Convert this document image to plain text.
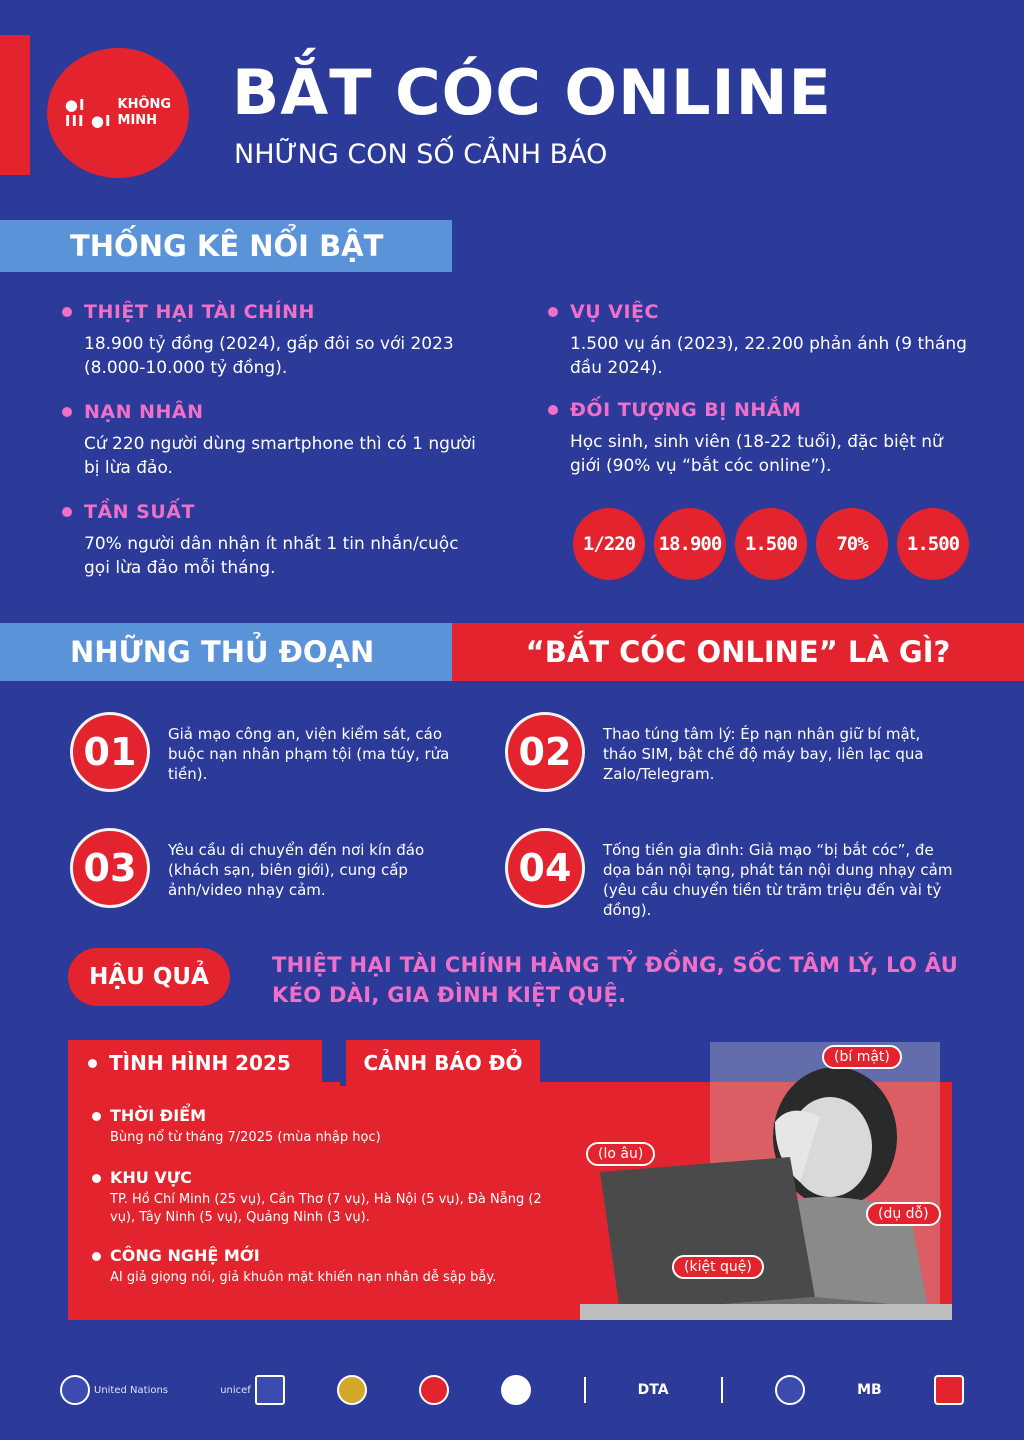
●I
III ●I
KHÔNG
MINH BẮT CÓC ONLINE
NHỮNG CON SỐ CẢNH BÁO
THỐNG KÊ NỔI BẬT
THIỆT HẠI TÀI CHÍNH
18.900 tỷ đồng (2024), gấp đôi so với 2023 (8.000-10.000 tỷ đồng).
NẠN NHÂN
Cứ 220 người dùng smartphone thì có 1 người bị lừa đảo.
TẦN SUẤT
70% người dân nhận ít nhất 1 tin nhắn/cuộc gọi lừa đảo mỗi tháng.
VỤ VIỆC
1.500 vụ án (2023), 22.200 phản ánh (9 tháng đầu 2024).
ĐỐI TƯỢNG BỊ NHẮM
Học sinh, sinh viên (18-22 tuổi), đặc biệt nữ giới (90% vụ “bắt cóc online”).
1/220	18.900	1.500	70%	1.500
NHỮNG THỦ ĐOẠN	“BẮT CÓC ONLINE” LÀ GÌ?
01	Giả mạo công an, viện kiểm sát, cáo buộc nạn nhân phạm tội (ma túy, rửa tiền).	02	Thao túng tâm lý: Ép nạn nhân giữ bí mật, tháo SIM, bật chế độ máy bay, liên lạc qua Zalo/Telegram.
03	Yêu cầu di chuyển đến nơi kín đáo (khách sạn, biên giới), cung cấp ảnh/video nhạy cảm.	04	Tống tiền gia đình: Giả mạo “bị bắt cóc”, đe dọa bán nội tạng, phát tán nội dung nhạy cảm (yêu cầu chuyển tiền từ trăm triệu đến vài tỷ đồng).
HẬU QUẢ	THIỆT HẠI TÀI CHÍNH HÀNG TỶ ĐỒNG, SỐC TÂM LÝ, LO ÂU KÉO DÀI, GIA ĐÌNH KIỆT QUỆ.
TÌNH HÌNH 2025	CẢNH BÁO ĐỎ
THỜI ĐIỂM
Bùng nổ từ tháng 7/2025 (mùa nhập học)
KHU VỰC
TP. Hồ Chí Minh (25 vụ), Cần Thơ (7 vụ), Hà Nội (5 vụ), Đà Nẵng (2 vụ), Tây Ninh (5 vụ), Quảng Ninh (3 vụ).
CÔNG NGHỆ MỚI
AI giả giọng nói, giả khuôn mặt khiến nạn nhân dễ sập bẫy.
(bí mật)
(lo âu)
(dụ dỗ)
(kiệt quệ)
United Nations	unicef	DTA	MB
